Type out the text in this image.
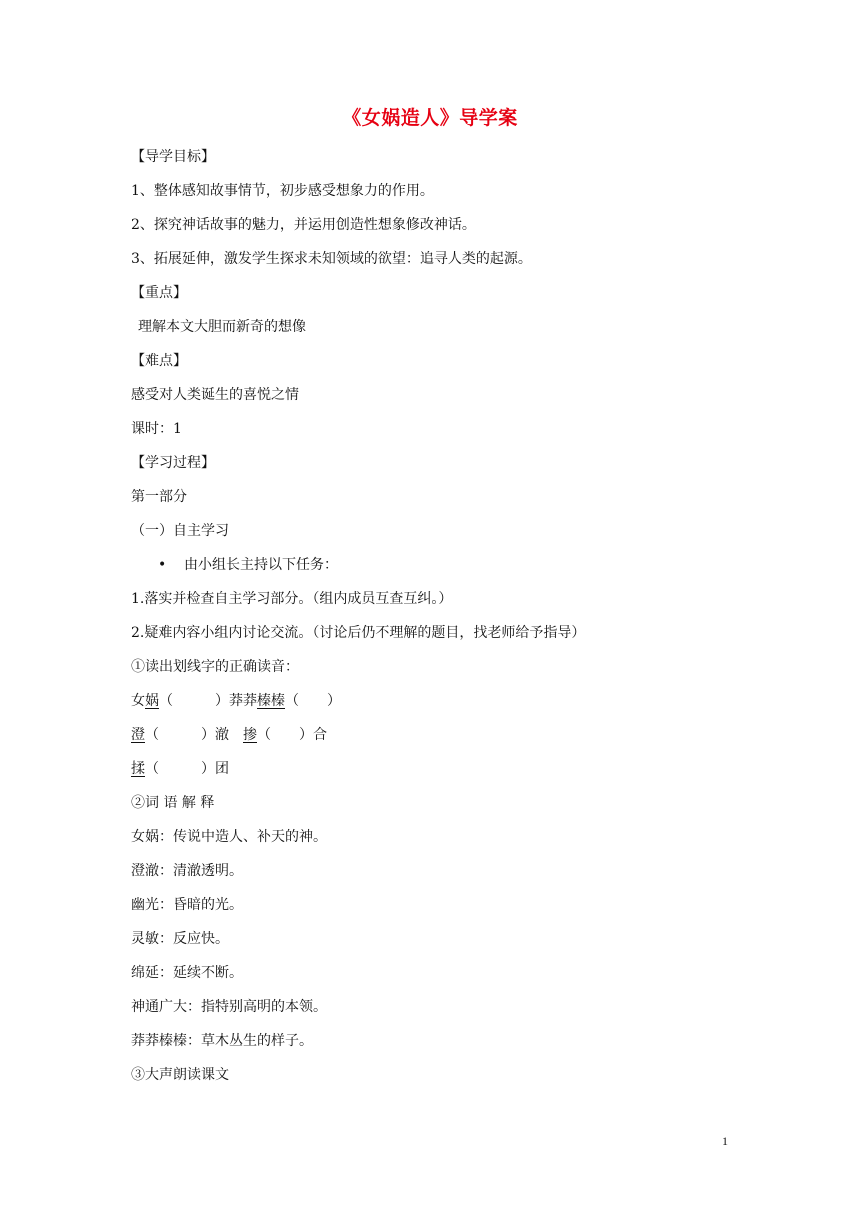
《女娲造人》导学案
【导学目标】
1、整体感知故事情节，初步感受想象力的作用。
2、探究神话故事的魅力，并运用创造性想象修改神话。
3、拓展延伸，激发学生探求未知领域的欲望：追寻人类的起源。
【重点】
理解本文大胆而新奇的想像
【难点】
感受对人类诞生的喜悦之情
课时：1
【学习过程】
第一部分
（一）自主学习
• 由小组长主持以下任务：
1.落实并检查自主学习部分。（组内成员互查互纠。）
2.疑难内容小组内讨论交流。（讨论后仍不理解的题目，找老师给予指导）
①读出划线字的正确读音：
女娲（　　　）莽莽榛榛（　　）
澄（　　　）澈　掺（　　）合
揉（　　　）团
②词 语 解 释
女娲：传说中造人、补天的神。
澄澈：清澈透明。
幽光：昏暗的光。
灵敏：反应快。
绵延：延续不断。
神通广大：指特别高明的本领。
莽莽榛榛：草木丛生的样子。
③大声朗读课文
1
